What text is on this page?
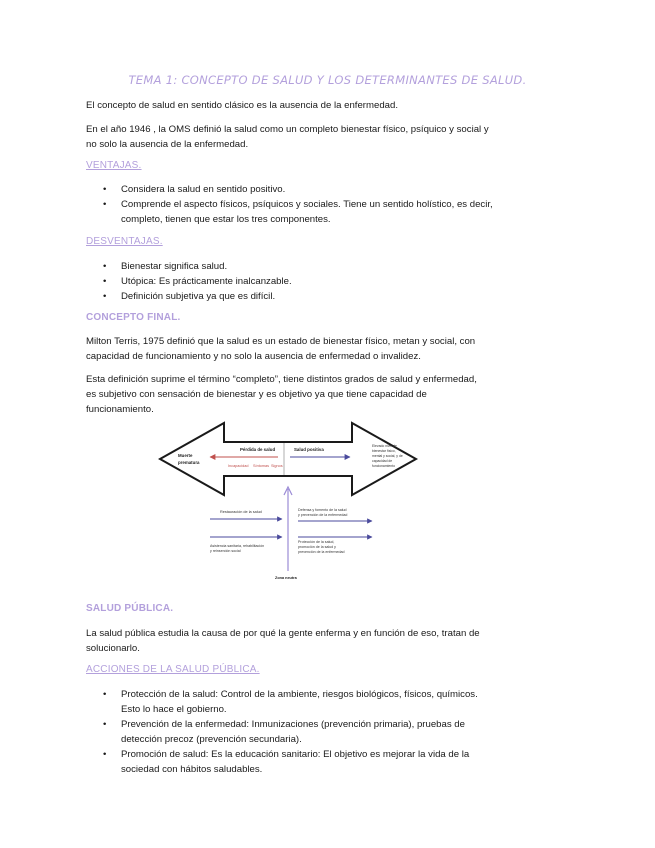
TEMA 1: CONCEPTO DE SALUD Y LOS DETERMINANTES DE SALUD.
El concepto de salud en sentido clásico es la ausencia de la enfermedad.
En el año 1946 , la OMS definió la salud como un completo bienestar físico, psíquico y social y
no solo la ausencia de la enfermedad.
VENTAJAS.
• Considera la salud en sentido positivo.
• Comprende el aspecto físicos, psíquicos y sociales. Tiene un sentido holístico, es decir,
completo, tienen que estar los tres componentes.
DESVENTAJAS.
• Bienestar significa salud.
• Utópica: Es prácticamente inalcanzable.
• Definición subjetiva ya que es difícil.
CONCEPTO FINAL.
Milton Terris, 1975 definió que la salud es un estado de bienestar físico, metan y social, con
capacidad de funcionamiento y no solo la ausencia de enfermedad o invalidez.
Esta definición suprime el término “completo”, tiene distintos grados de salud y enfermedad,
es subjetivo con sensación de bienestar y es objetivo ya que tiene capacidad de
funcionamiento.
Muerte
prematura
Pérdida de salud
Incapacidad Síntomas Signos
Salud positiva
Elevado nivel de bienestar físico, mental y social, y de capacidad de funcionamiento
Restauración de la salud
Asistencia sanitaria, rehabilitación y reinserción social
Defensa y fomento de la salud y prevención de la enfermedad
Protección de la salud, promoción de la salud y prevención de la enfermedad
Zona neutra
SALUD PÚBLICA.
La salud pública estudia la causa de por qué la gente enferma y en función de eso, tratan de
solucionarlo.
ACCIONES DE LA SALUD PÚBLICA.
• Protección de la salud: Control de la ambiente, riesgos biológicos, físicos, químicos.
Esto lo hace el gobierno.
• Prevención de la enfermedad: Inmunizaciones (prevención primaria), pruebas de
detección precoz (prevención secundaria).
• Promoción de salud: Es la educación sanitario: El objetivo es mejorar la vida de la
sociedad con hábitos saludables.
